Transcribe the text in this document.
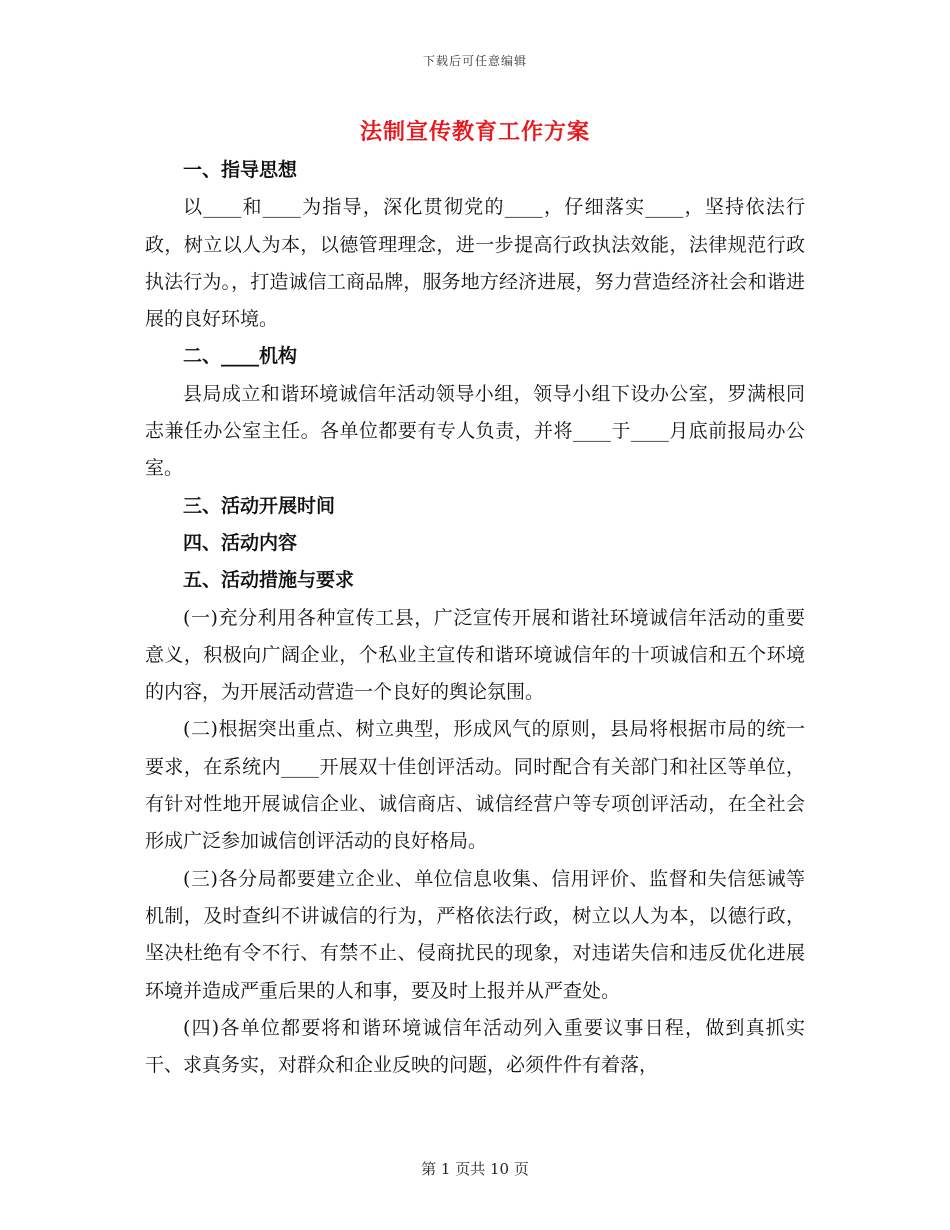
下载后可任意编辑
法制宣传教育工作方案

一、指导思想

以____和____为指导，深化贯彻党的____，仔细落实____，坚持依法行政，树立以人为本，以德管理理念，进一步提高行政执法效能，法律规范行政执法行为。，打造诚信工商品牌，服务地方经济进展，努力营造经济社会和谐进展的良好环境。

二、____机构

县局成立和谐环境诚信年活动领导小组，领导小组下设办公室，罗满根同志兼任办公室主任。各单位都要有专人负责，并将____于____月底前报局办公室。

三、活动开展时间

四、活动内容

五、活动措施与要求

(一)充分利用各种宣传工县，广泛宣传开展和谐社环境诚信年活动的重要意义，积极向广阔企业，个私业主宣传和谐环境诚信年的十项诚信和五个环境的内容，为开展活动营造一个良好的舆论氛围。

(二)根据突出重点、树立典型，形成风气的原则，县局将根据市局的统一要求，在系统内____开展双十佳创评活动。同时配合有关部门和社区等单位，有针对性地开展诚信企业、诚信商店、诚信经营户等专项创评活动，在全社会形成广泛参加诚信创评活动的良好格局。

(三)各分局都要建立企业、单位信息收集、信用评价、监督和失信惩诫等机制，及时查纠不讲诚信的行为，严格依法行政，树立以人为本，以德行政，坚决杜绝有令不行、有禁不止、侵商扰民的现象，对违诺失信和违反优化进展环境并造成严重后果的人和事，要及时上报并从严查处。

(四)各单位都要将和谐环境诚信年活动列入重要议事日程，做到真抓实干、求真务实，对群众和企业反映的问题，必须件件有着落，

第 1 页共 10 页
